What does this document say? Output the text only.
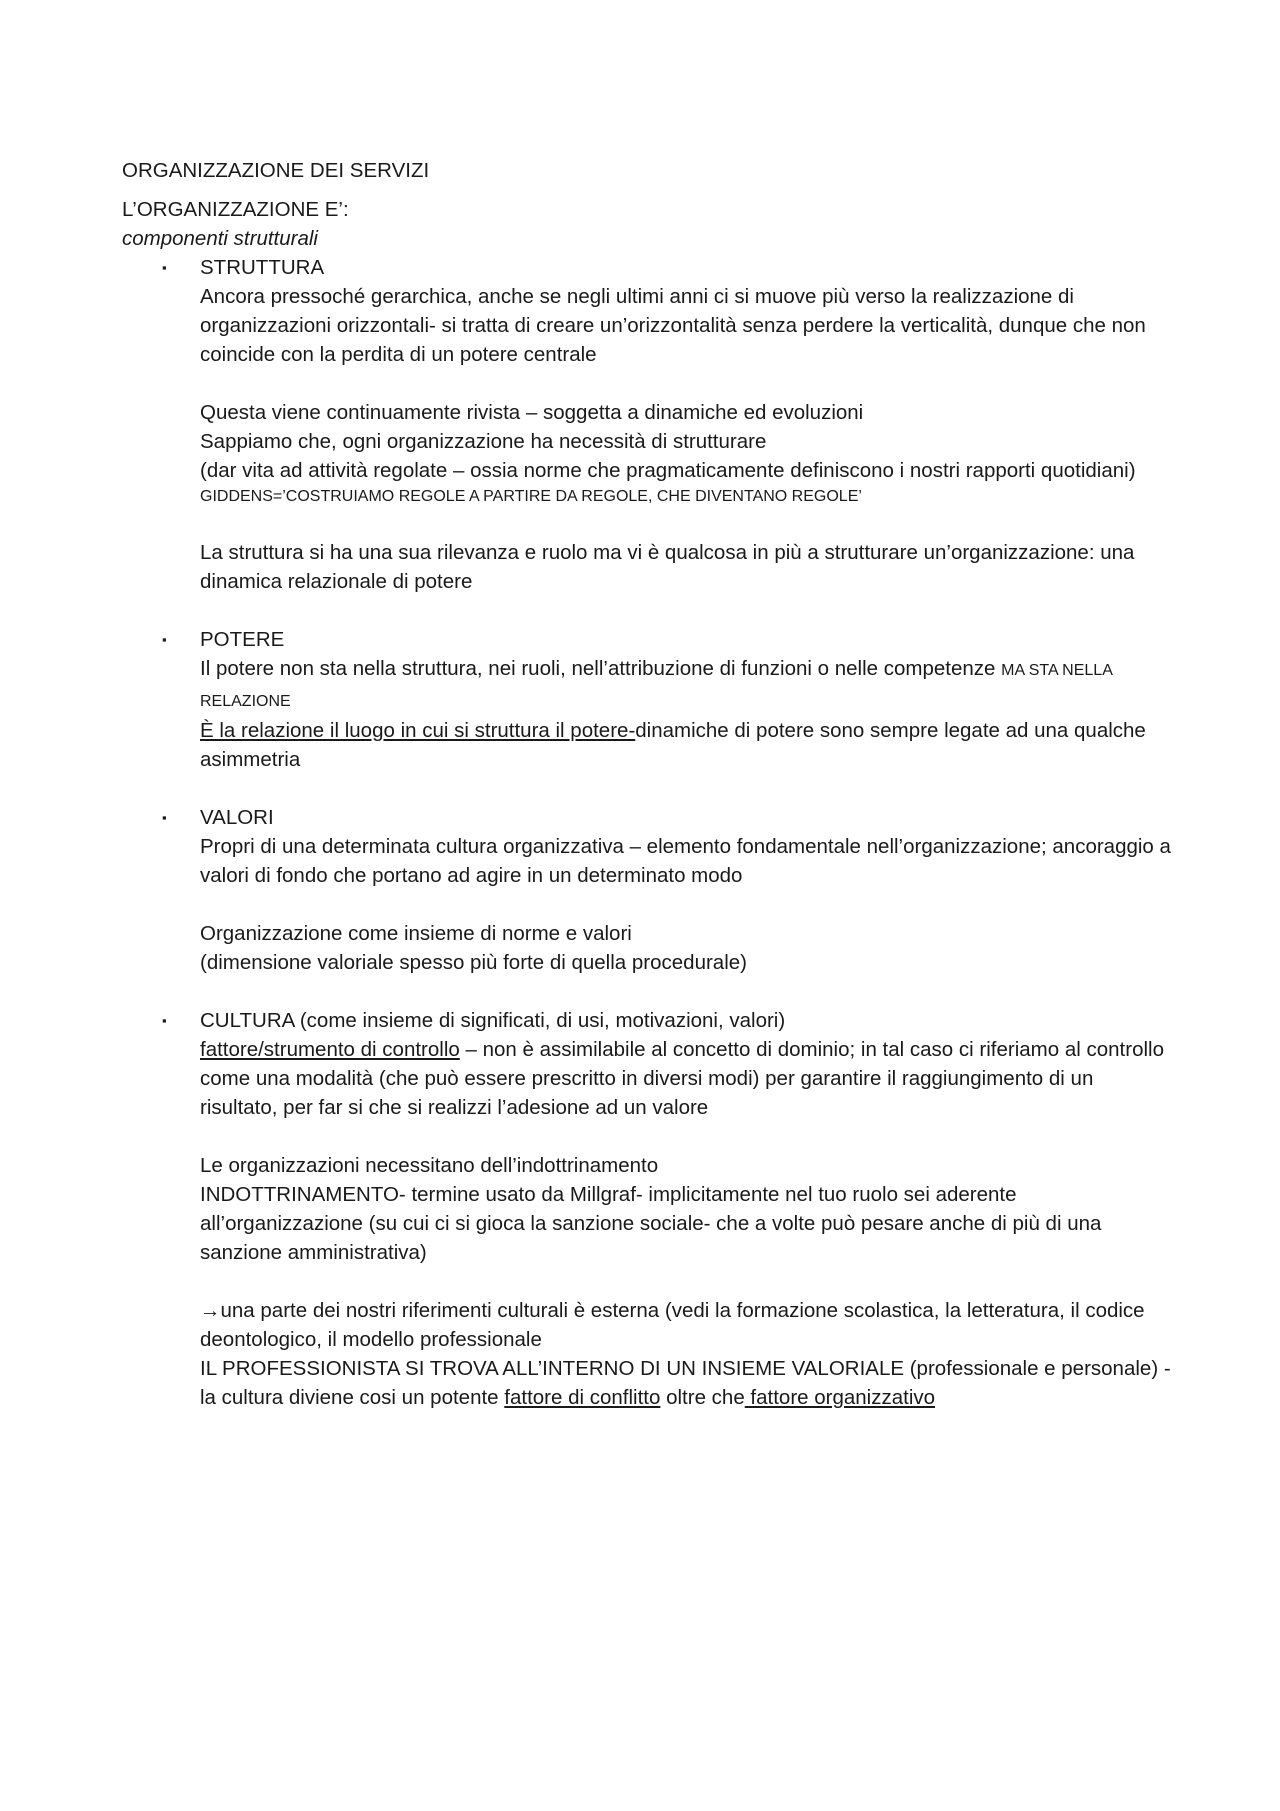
ORGANIZZAZIONE DEI SERVIZI

L’ORGANIZZAZIONE E’:

componenti strutturali

▪ STRUTTURA

Ancora pressoché gerarchica, anche se negli ultimi anni ci si muove più verso la realizzazione di organizzazioni orizzontali- si tratta di creare un’orizzontalità senza perdere la verticalità, dunque che non coincide con la perdita di un potere centrale

Questa viene continuamente rivista – soggetta a dinamiche ed evoluzioni

Sappiamo che, ogni organizzazione ha necessità di strutturare

(dar vita ad attività regolate – ossia norme che pragmaticamente definiscono i nostri rapporti quotidiani)

GIDDENS=’COSTRUIAMO REGOLE A PARTIRE DA REGOLE, CHE DIVENTANO REGOLE’

La struttura si ha una sua rilevanza e ruolo ma vi è qualcosa in più a strutturare un’organizzazione: una dinamica relazionale di potere

▪ POTERE

Il potere non sta nella struttura, nei ruoli, nell’attribuzione di funzioni o nelle competenze MA STA NELLA RELAZIONE

È la relazione il luogo in cui si struttura il potere-dinamiche di potere sono sempre legate ad una qualche asimmetria

▪ VALORI

Propri di una determinata cultura organizzativa – elemento fondamentale nell’organizzazione; ancoraggio a valori di fondo che portano ad agire in un determinato modo

Organizzazione come insieme di norme e valori

(dimensione valoriale spesso più forte di quella procedurale)

▪ CULTURA (come insieme di significati, di usi, motivazioni, valori)

fattore/strumento di controllo – non è assimilabile al concetto di dominio; in tal caso ci riferiamo al controllo come una modalità (che può essere prescritto in diversi modi) per garantire il raggiungimento di un risultato, per far si che si realizzi l’adesione ad un valore

Le organizzazioni necessitano dell’indottrinamento

INDOTTRINAMENTO- termine usato da Millgraf- implicitamente nel tuo ruolo sei aderente all’organizzazione (su cui ci si gioca la sanzione sociale- che a volte può pesare anche di più di una sanzione amministrativa)

→una parte dei nostri riferimenti culturali è esterna (vedi la formazione scolastica, la letteratura, il codice deontologico, il modello professionale

IL PROFESSIONISTA SI TROVA ALL’INTERNO DI UN INSIEME VALORIALE (professionale e personale) - la cultura diviene cosi un potente fattore di conflitto oltre che fattore organizzativo
